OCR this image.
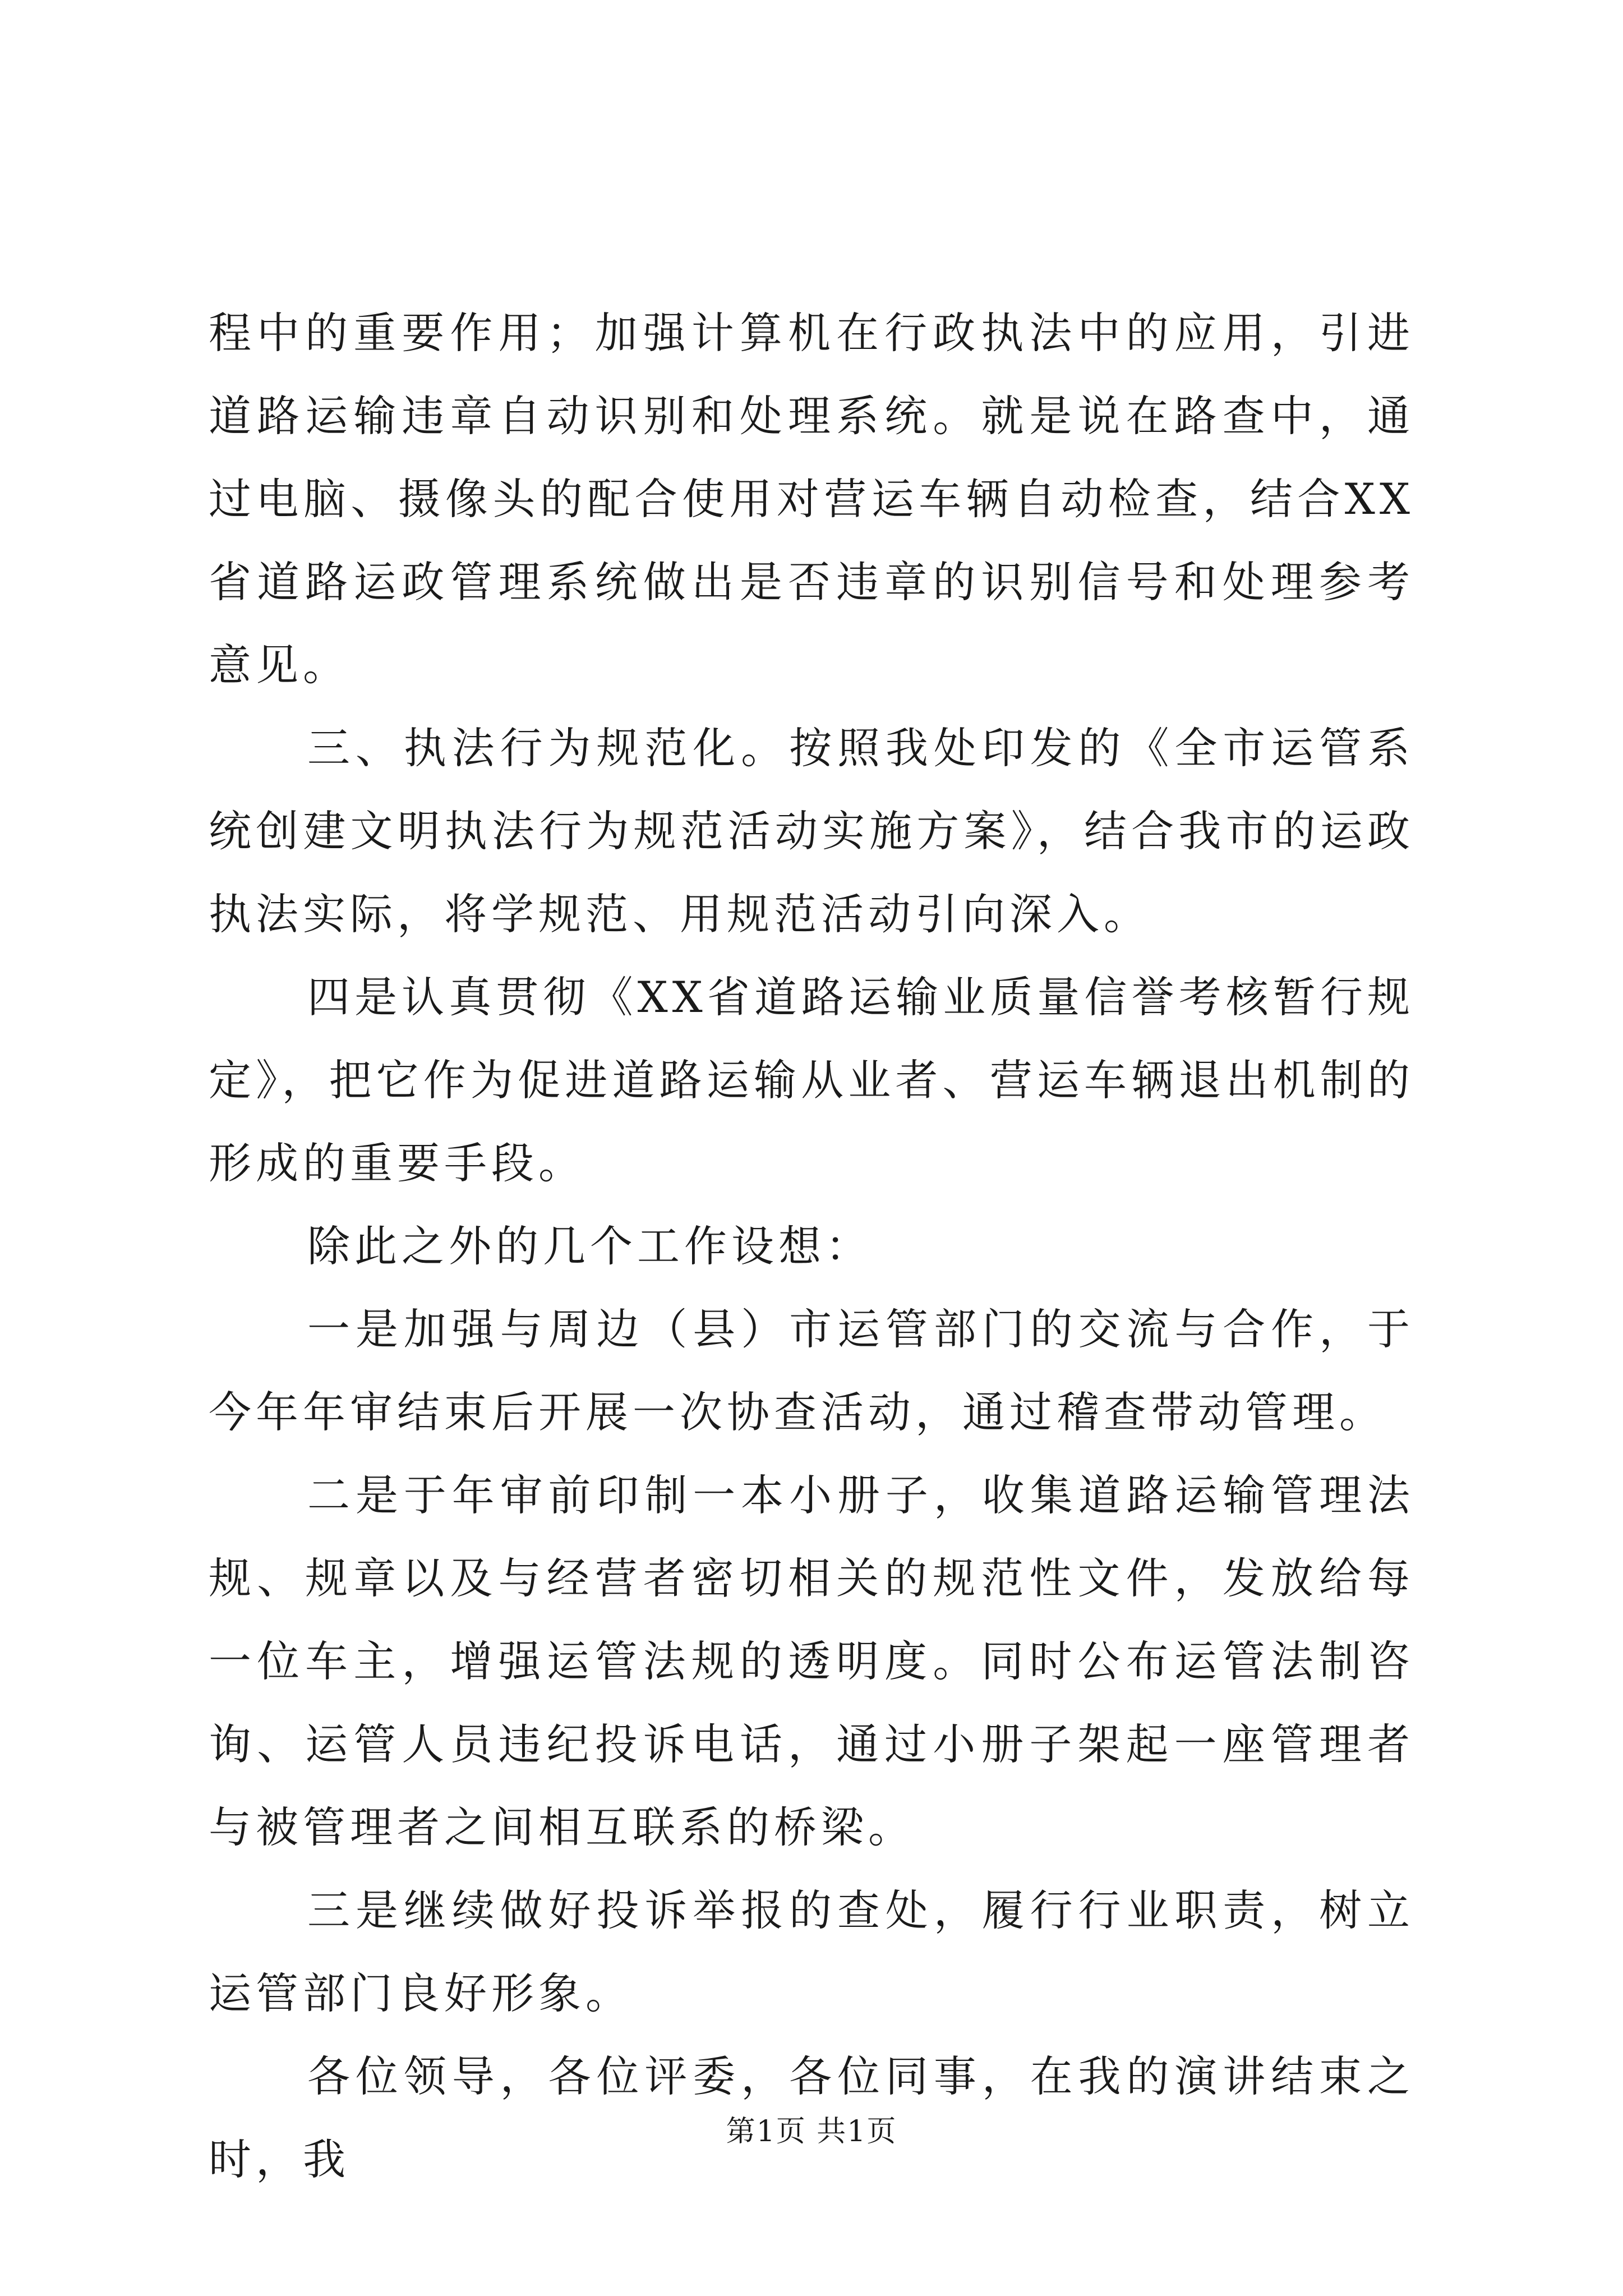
程中的重要作用；加强计算机在行政执法中的应用，引进道路运输违章自动识别和处理系统。就是说在路查中，通过电脑、摄像头的配合使用对营运车辆自动检查，结合XX省道路运政管理系统做出是否违章的识别信号和处理参考意见。

三、执法行为规范化。按照我处印发的《全市运管系统创建文明执法行为规范活动实施方案》，结合我市的运政执法实际，将学规范、用规范活动引向深入。

四是认真贯彻《XX省道路运输业质量信誉考核暂行规定》，把它作为促进道路运输从业者、营运车辆退出机制的形成的重要手段。

除此之外的几个工作设想：

一是加强与周边（县）市运管部门的交流与合作，于今年年审结束后开展一次协查活动，通过稽查带动管理。

二是于年审前印制一本小册子，收集道路运输管理法规、规章以及与经营者密切相关的规范性文件，发放给每一位车主，增强运管法规的透明度。同时公布运管法制咨询、运管人员违纪投诉电话，通过小册子架起一座管理者与被管理者之间相互联系的桥梁。

三是继续做好投诉举报的查处，履行行业职责，树立运管部门良好形象。

各位领导，各位评委，各位同事，在我的演讲结束之时，我

第1页 共1页
